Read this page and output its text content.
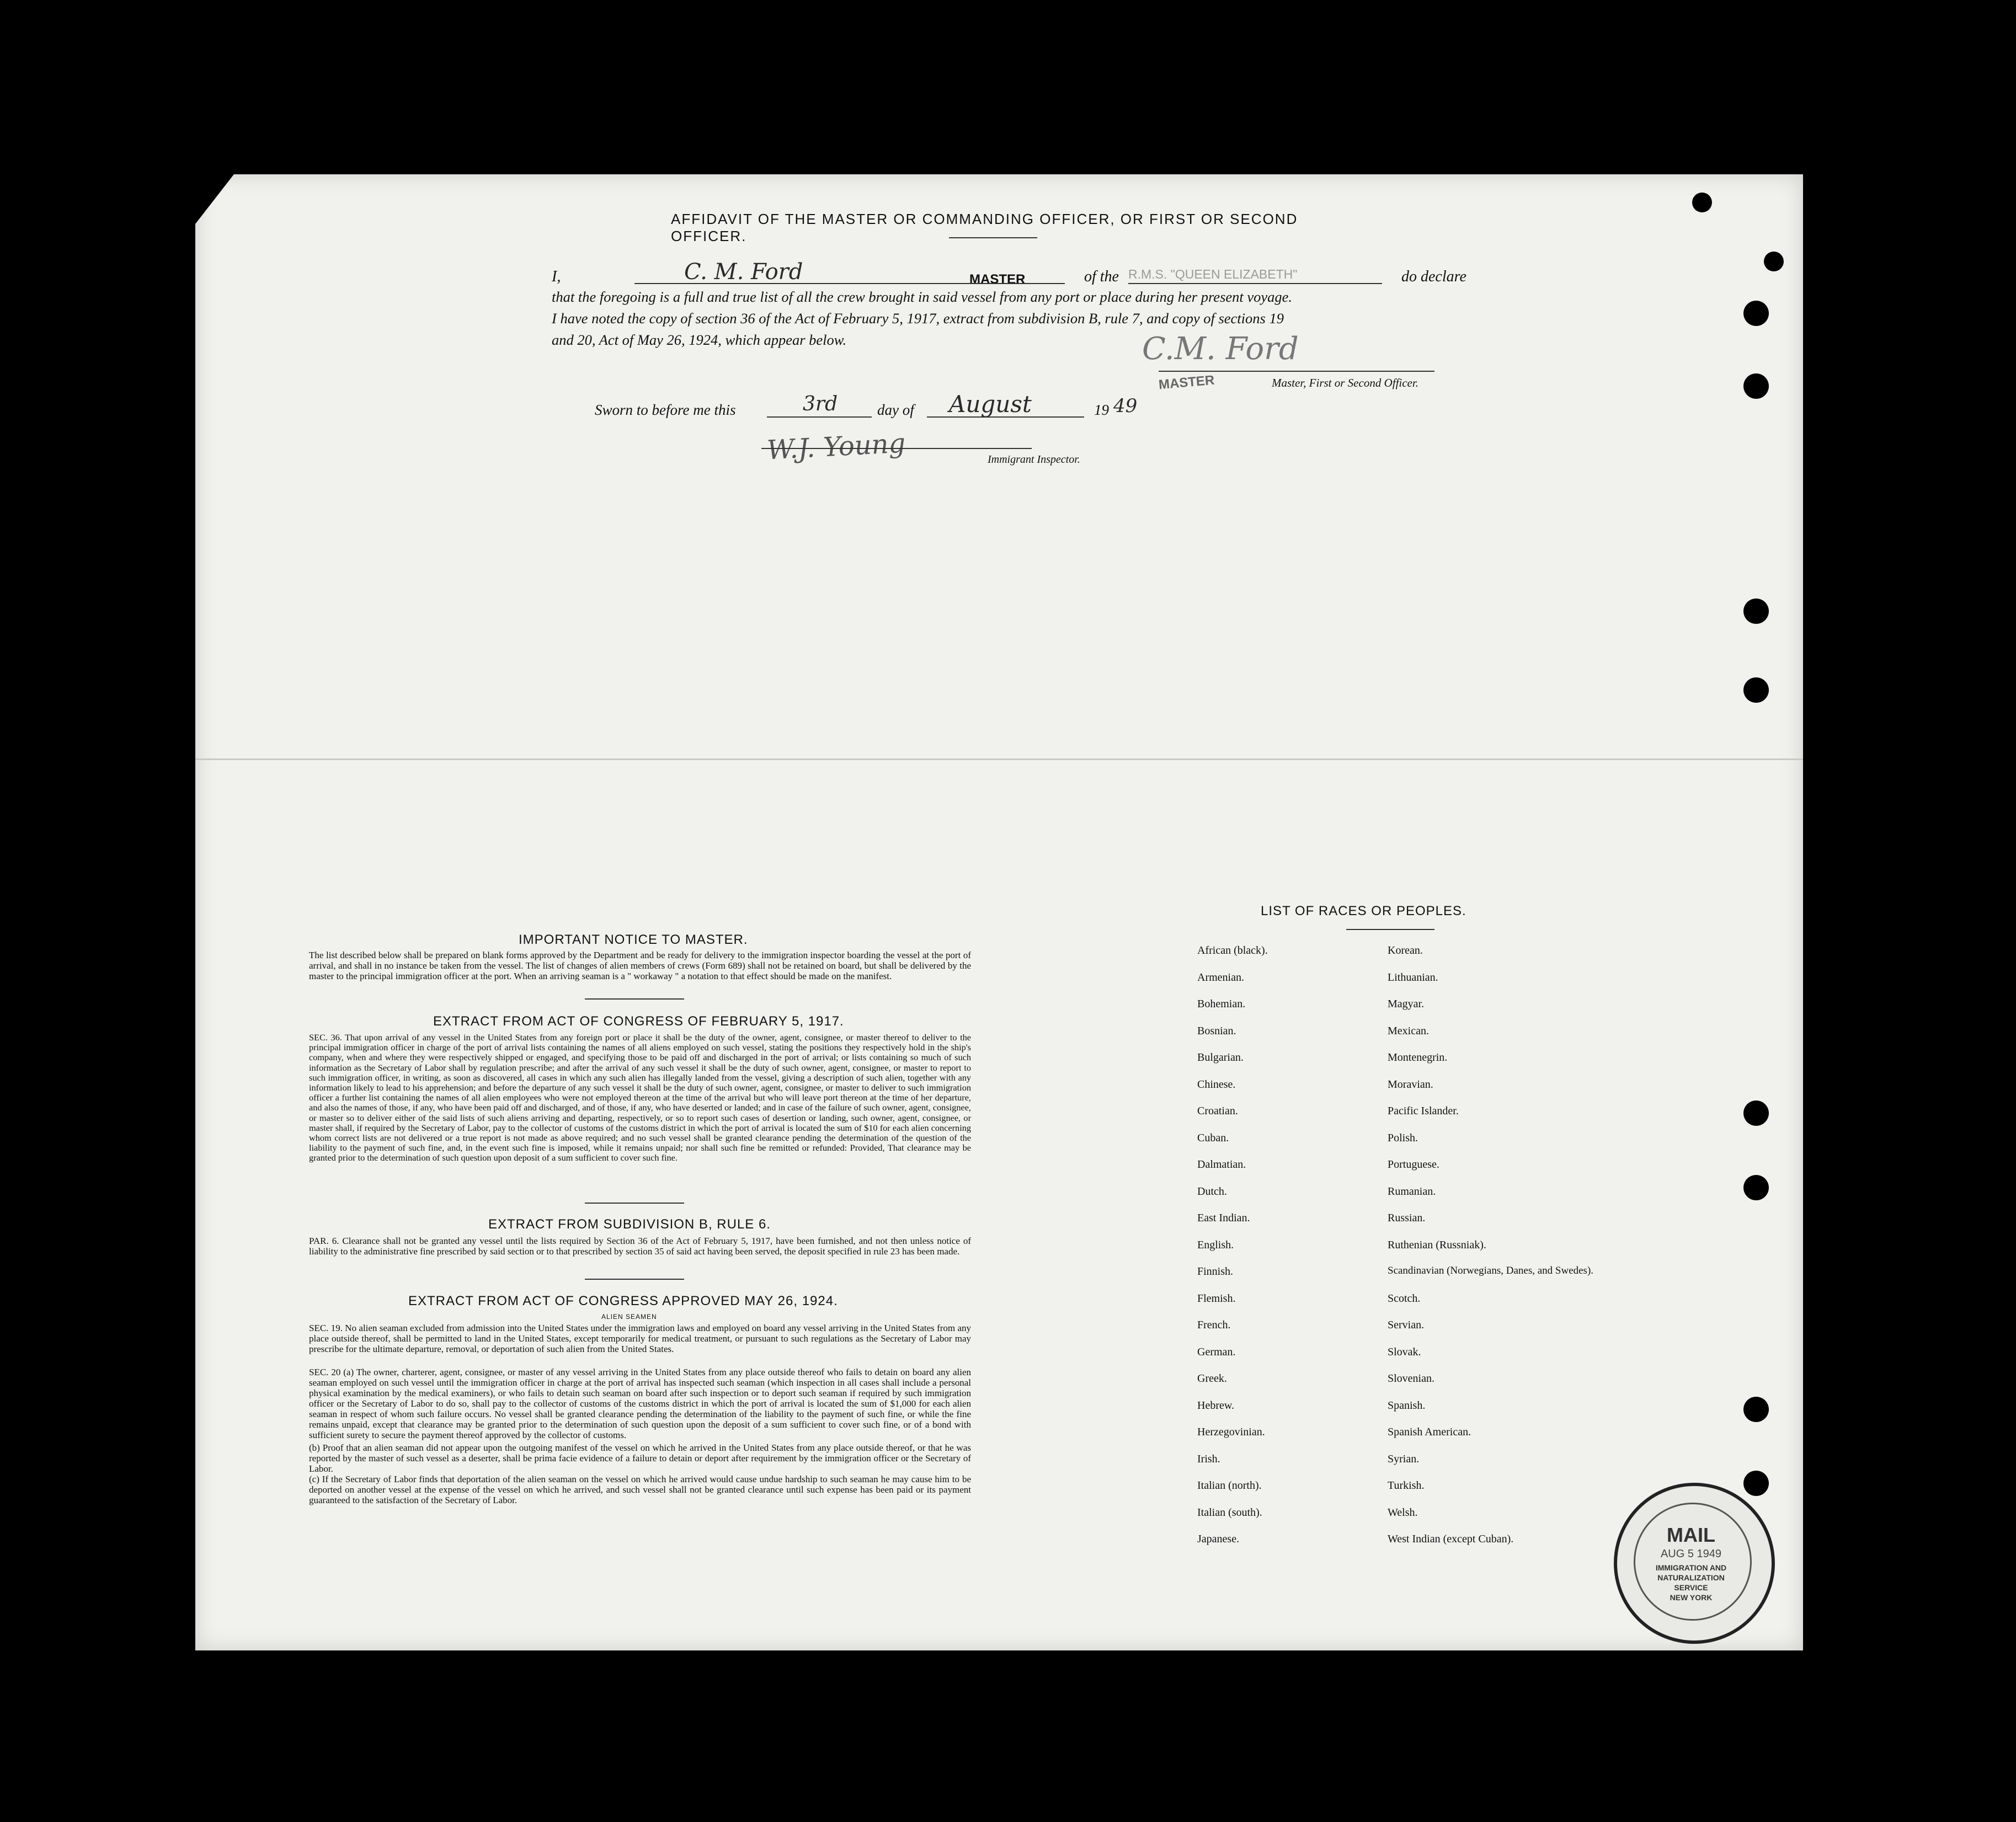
AFFIDAVIT OF THE MASTER OR COMMANDING OFFICER, OR FIRST OR SECOND OFFICER.
I,	C. M. Ford	MASTER	of the R.M.S. "QUEEN ELIZABETH"	do declare
that the foregoing is a full and true list of all the crew brought in said vessel from any port or place during her present voyage.
I have noted the copy of section 36 of the Act of February 5, 1917, extract from subdivision B, rule 7, and copy of sections 19
and 20, Act of May 26, 1924, which appear below.	C.M. Ford
MASTER	Master, First or Second Officer.
Sworn to before me this	3rd	day of August	19 49
W.J. Young	Immigrant Inspector.
IMPORTANT NOTICE TO MASTER.
The list described below shall be prepared on blank forms approved by the Department and be ready for delivery to the immigration inspector boarding the vessel at the port of arrival, and shall in no instance be taken from the vessel. The list of changes of alien members of crews (Form 689) shall not be retained on board, but shall be delivered by the master to the principal immigration officer at the port. When an arriving seaman is a " workaway " a notation to that effect should be made on the manifest.
EXTRACT FROM ACT OF CONGRESS OF FEBRUARY 5, 1917.
SEC. 36. That upon arrival of any vessel in the United States from any foreign port or place it shall be the duty of the owner, agent, consignee, or master thereof to deliver to the principal immigration officer in charge of the port of arrival lists containing the names of all aliens employed on such vessel, stating the positions they respectively hold in the ship's company, when and where they were respectively shipped or engaged, and specifying those to be paid off and discharged in the port of arrival; or lists containing so much of such information as the Secretary of Labor shall by regulation prescribe; and after the arrival of any such vessel it shall be the duty of such owner, agent, consignee, or master to report to such immigration officer, in writing, as soon as discovered, all cases in which any such alien has illegally landed from the vessel, giving a description of such alien, together with any information likely to lead to his apprehension; and before the departure of any such vessel it shall be the duty of such owner, agent, consignee, or master to deliver to such immigration officer a further list containing the names of all alien employees who were not employed thereon at the time of the arrival but who will leave port thereon at the time of her departure, and also the names of those, if any, who have been paid off and discharged, and of those, if any, who have deserted or landed; and in case of the failure of such owner, agent, consignee, or master so to deliver either of the said lists of such aliens arriving and departing, respectively, or so to report such cases of desertion or landing, such owner, agent, consignee, or master shall, if required by the Secretary of Labor, pay to the collector of customs of the customs district in which the port of arrival is located the sum of $10 for each alien concerning whom correct lists are not delivered or a true report is not made as above required; and no such vessel shall be granted clearance pending the determination of the question of the liability to the payment of such fine, and, in the event such fine is imposed, while it remains unpaid; nor shall such fine be remitted or refunded: Provided, That clearance may be granted prior to the determination of such question upon deposit of a sum sufficient to cover such fine.
EXTRACT FROM SUBDIVISION B, RULE 6.
PAR. 6. Clearance shall not be granted any vessel until the lists required by Section 36 of the Act of February 5, 1917, have been furnished, and not then unless notice of liability to the administrative fine prescribed by said section or to that prescribed by section 35 of said act having been served, the deposit specified in rule 23 has been made.
EXTRACT FROM ACT OF CONGRESS APPROVED MAY 26, 1924.
ALIEN SEAMEN
SEC. 19. No alien seaman excluded from admission into the United States under the immigration laws and employed on board any vessel arriving in the United States from any place outside thereof, shall be permitted to land in the United States, except temporarily for medical treatment, or pursuant to such regulations as the Secretary of Labor may prescribe for the ultimate departure, removal, or deportation of such alien from the United States.
SEC. 20 (a) The owner, charterer, agent, consignee, or master of any vessel arriving in the United States from any place outside thereof who fails to detain on board any alien seaman employed on such vessel until the immigration officer in charge at the port of arrival has inspected such seaman (which inspection in all cases shall include a personal physical examination by the medical examiners), or who fails to detain such seaman on board after such inspection or to deport such seaman if required by such immigration officer or the Secretary of Labor to do so, shall pay to the collector of customs of the customs district in which the port of arrival is located the sum of $1,000 for each alien seaman in respect of whom such failure occurs. No vessel shall be granted clearance pending the determination of the liability to the payment of such fine, or while the fine remains unpaid, except that clearance may be granted prior to the determination of such question upon the deposit of a sum sufficient to cover such fine, or of a bond with sufficient surety to secure the payment thereof approved by the collector of customs.
(b) Proof that an alien seaman did not appear upon the outgoing manifest of the vessel on which he arrived in the United States from any place outside thereof, or that he was reported by the master of such vessel as a deserter, shall be prima facie evidence of a failure to detain or deport after requirement by the immigration officer or the Secretary of Labor.
(c) If the Secretary of Labor finds that deportation of the alien seaman on the vessel on which he arrived would cause undue hardship to such seaman he may cause him to be deported on another vessel at the expense of the vessel on which he arrived, and such vessel shall not be granted clearance until such expense has been paid or its payment guaranteed to the satisfaction of the Secretary of Labor.
LIST OF RACES OR PEOPLES.
African (black).	Korean.
Armenian.	Lithuanian.
Bohemian.	Magyar.
Bosnian.	Mexican.
Bulgarian.	Montenegrin.
Chinese.	Moravian.
Croatian.	Pacific Islander.
Cuban.	Polish.
Dalmatian.	Portuguese.
Dutch.	Rumanian.
East Indian.	Russian.
English.	Ruthenian (Russniak).
Finnish.	Scandinavian (Norwegians, Danes, and Swedes).
Flemish.	Scotch.
French.	Servian.
German.	Slovak.
Greek.	Slovenian.
Hebrew.	Spanish.
Herzegovinian.	Spanish American.
Irish.	Syrian.
Italian (north).	Turkish.
Italian (south).	Welsh.
Japanese.	West Indian (except Cuban).	MAIL
AUG 5 1949
IMMIGRATION AND
NATURALIZATION
SERVICE
NEW YORK
